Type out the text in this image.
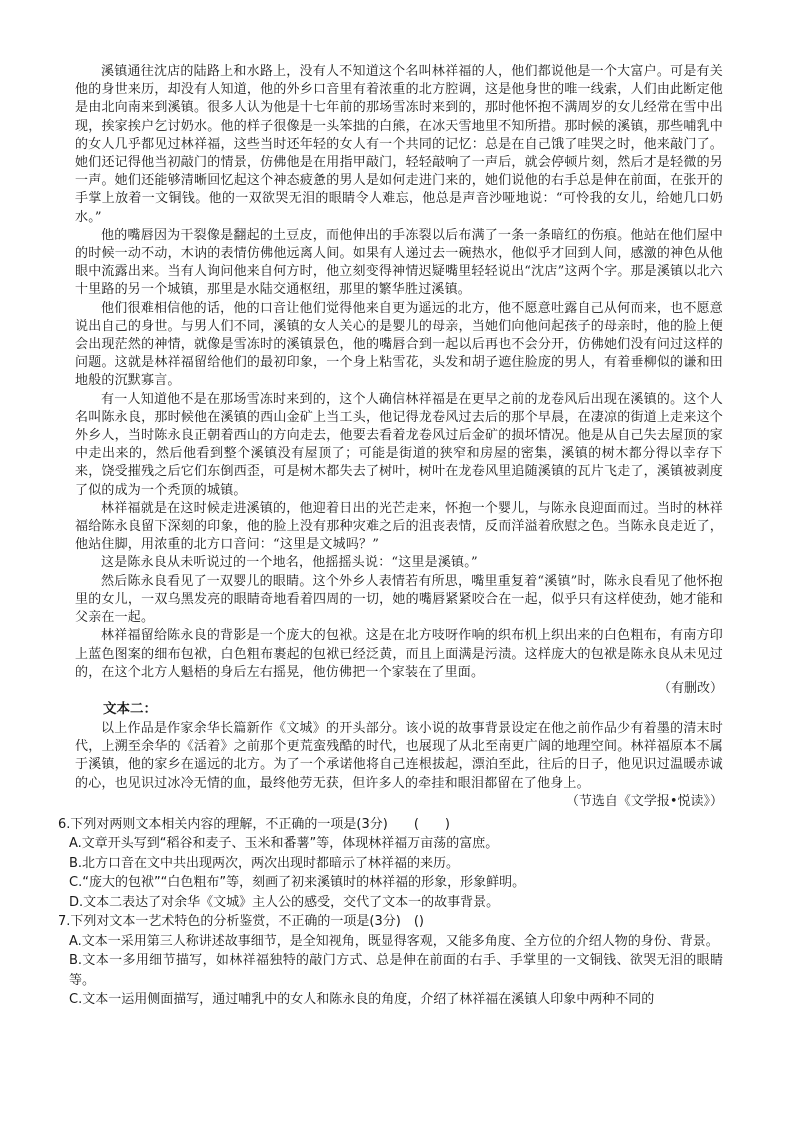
溪镇通往沈店的陆路上和水路上，没有人不知道这个名叫林祥福的人，他们都说他是一个大富户。可是有关他的身世来历，却没有人知道，他的外乡口音里有着浓重的北方腔调，这是他身世的唯一线索，人们由此断定他是由北向南来到溪镇。很多人认为他是十七年前的那场雪冻时来到的，那时他怀抱不满周岁的女儿经常在雪中出现，挨家挨户乞讨奶水。他的样子很像是一头笨拙的白熊，在冰天雪地里不知所措。那时候的溪镇，那些哺乳中的女人几乎都见过林祥福，这些当时还年轻的女人有一个共同的记忆：总是在自己饿了哇哭之时，他来敲门了。她们还记得他当初敲门的情景，仿佛他是在用指甲敲门，轻轻敲响了一声后，就会停顿片刻，然后才是轻微的另一声。她们还能够清晰回忆起这个神态疲惫的男人是如何走进门来的，她们说他的右手总是伸在前面，在张开的手掌上放着一文铜钱。他的一双欲哭无泪的眼睛令人难忘，他总是声音沙哑地说：“可怜我的女儿，给她几口奶水。”

他的嘴唇因为干裂像是翻起的土豆皮，而他伸出的手冻裂以后布满了一条一条暗红的伤痕。他站在他们屋中的时候一动不动，木讷的表情仿佛他远离人间。如果有人递过去一碗热水，他似乎才回到人间，感激的神色从他眼中流露出来。当有人询问他来自何方时，他立刻变得神情迟疑嘴里轻轻说出“沈店”这两个字。那是溪镇以北六十里路的另一个城镇，那里是水陆交通枢纽，那里的繁华胜过溪镇。

他们很难相信他的话，他的口音让他们觉得他来自更为遥远的北方，他不愿意吐露自己从何而来，也不愿意说出自己的身世。与男人们不同，溪镇的女人关心的是婴儿的母亲，当她们向他问起孩子的母亲时，他的脸上便会出现茫然的神情，就像是雪冻时的溪镇景色，他的嘴唇合到一起以后再也不会分开，仿佛她们没有问过这样的问题。这就是林祥福留给他们的最初印象，一个身上粘雪花，头发和胡子遮住脸庞的男人，有着垂柳似的谦和田地般的沉默寡言。

有一人知道他不是在那场雪冻时来到的，这个人确信林祥福是在更早之前的龙卷风后出现在溪镇的。这个人名叫陈永良，那时候他在溪镇的西山金矿上当工头，他记得龙卷风过去后的那个早晨，在凄凉的街道上走来这个外乡人，当时陈永良正朝着西山的方向走去，他要去看着龙卷风过后金矿的损坏情况。他是从自己失去屋顶的家中走出来的，然后他看到整个溪镇没有屋顶了；可能是街道的狭窄和房屋的密集，溪镇的树木都分得以幸存下来，饶受摧残之后它们东倒西歪，可是树木都失去了树叶，树叶在龙卷风里追随溪镇的瓦片飞走了，溪镇被剥度了似的成为一个秃顶的城镇。

林祥福就是在这时候走进溪镇的，他迎着日出的光芒走来，怀抱一个婴儿，与陈永良迎面而过。当时的林祥福给陈永良留下深刻的印象，他的脸上没有那种灾难之后的沮丧表情，反而洋溢着欣慰之色。当陈永良走近了，他站住脚，用浓重的北方口音问：“这里是文城吗？”

这是陈永良从未听说过的一个地名，他摇摇头说：“这里是溪镇。”

然后陈永良看见了一双婴儿的眼睛。这个外乡人表情若有所思，嘴里重复着“溪镇”时，陈永良看见了他怀抱里的女儿，一双乌黑发亮的眼睛奇地看着四周的一切，她的嘴唇紧紧咬合在一起，似乎只有这样使劲，她才能和父亲在一起。

林祥福留给陈永良的背影是一个庞大的包袱。这是在北方吱呀作响的织布机上织出来的白色粗布，有南方印上蓝色图案的细布包袱，白色粗布裹起的包袱已经泛黄，而且上面满是污渍。这样庞大的包袱是陈永良从未见过的，在这个北方人魁梧的身后左右摇晃，他仿佛把一个家装在了里面。

（有删改）
文本二：

以上作品是作家余华长篇新作《文城》的开头部分。该小说的故事背景设定在他之前作品少有着墨的清末时代，上溯至余华的《活着》之前那个更荒蛮残酷的时代，也展现了从北至南更广阔的地理空间。林祥福原本不属于溪镇，他的家乡在遥远的北方。为了一个承诺他将自己连根拔起，漂泊至此，往后的日子，他见识过温暖赤诚的心，也见识过冰冷无情的血，最终他劳无获，但许多人的牵挂和眼泪都留在了他身上。

（节选自《文学报•悦读》）

6.下列对两则文本相关内容的理解，不正确的一项是(3分)　　(　　)

A.文章开头写到“稻谷和麦子、玉米和番薯”等，体现林祥福万亩荡的富庶。

B.北方口音在文中共出现两次，两次出现时都暗示了林祥福的来历。

C.“庞大的包袱”“白色粗布”等，刻画了初来溪镇时的林祥福的形象，形象鲜明。

D.文本二表达了对余华《文城》主人公的感受，交代了文本一的故事背景。

7.下列对文本一艺术特色的分析鉴赏，不正确的一项是(3分)　()

A.文本一采用第三人称讲述故事细节，是全知视角，既显得客观，又能多角度、全方位的介绍人物的身份、背景。

B.文本一多用细节描写，如林祥福独特的敲门方式、总是伸在前面的右手、手掌里的一文铜钱、欲哭无泪的眼睛等。

C.文本一运用侧面描写，通过哺乳中的女人和陈永良的角度，介绍了林祥福在溪镇人印象中两种不同的
